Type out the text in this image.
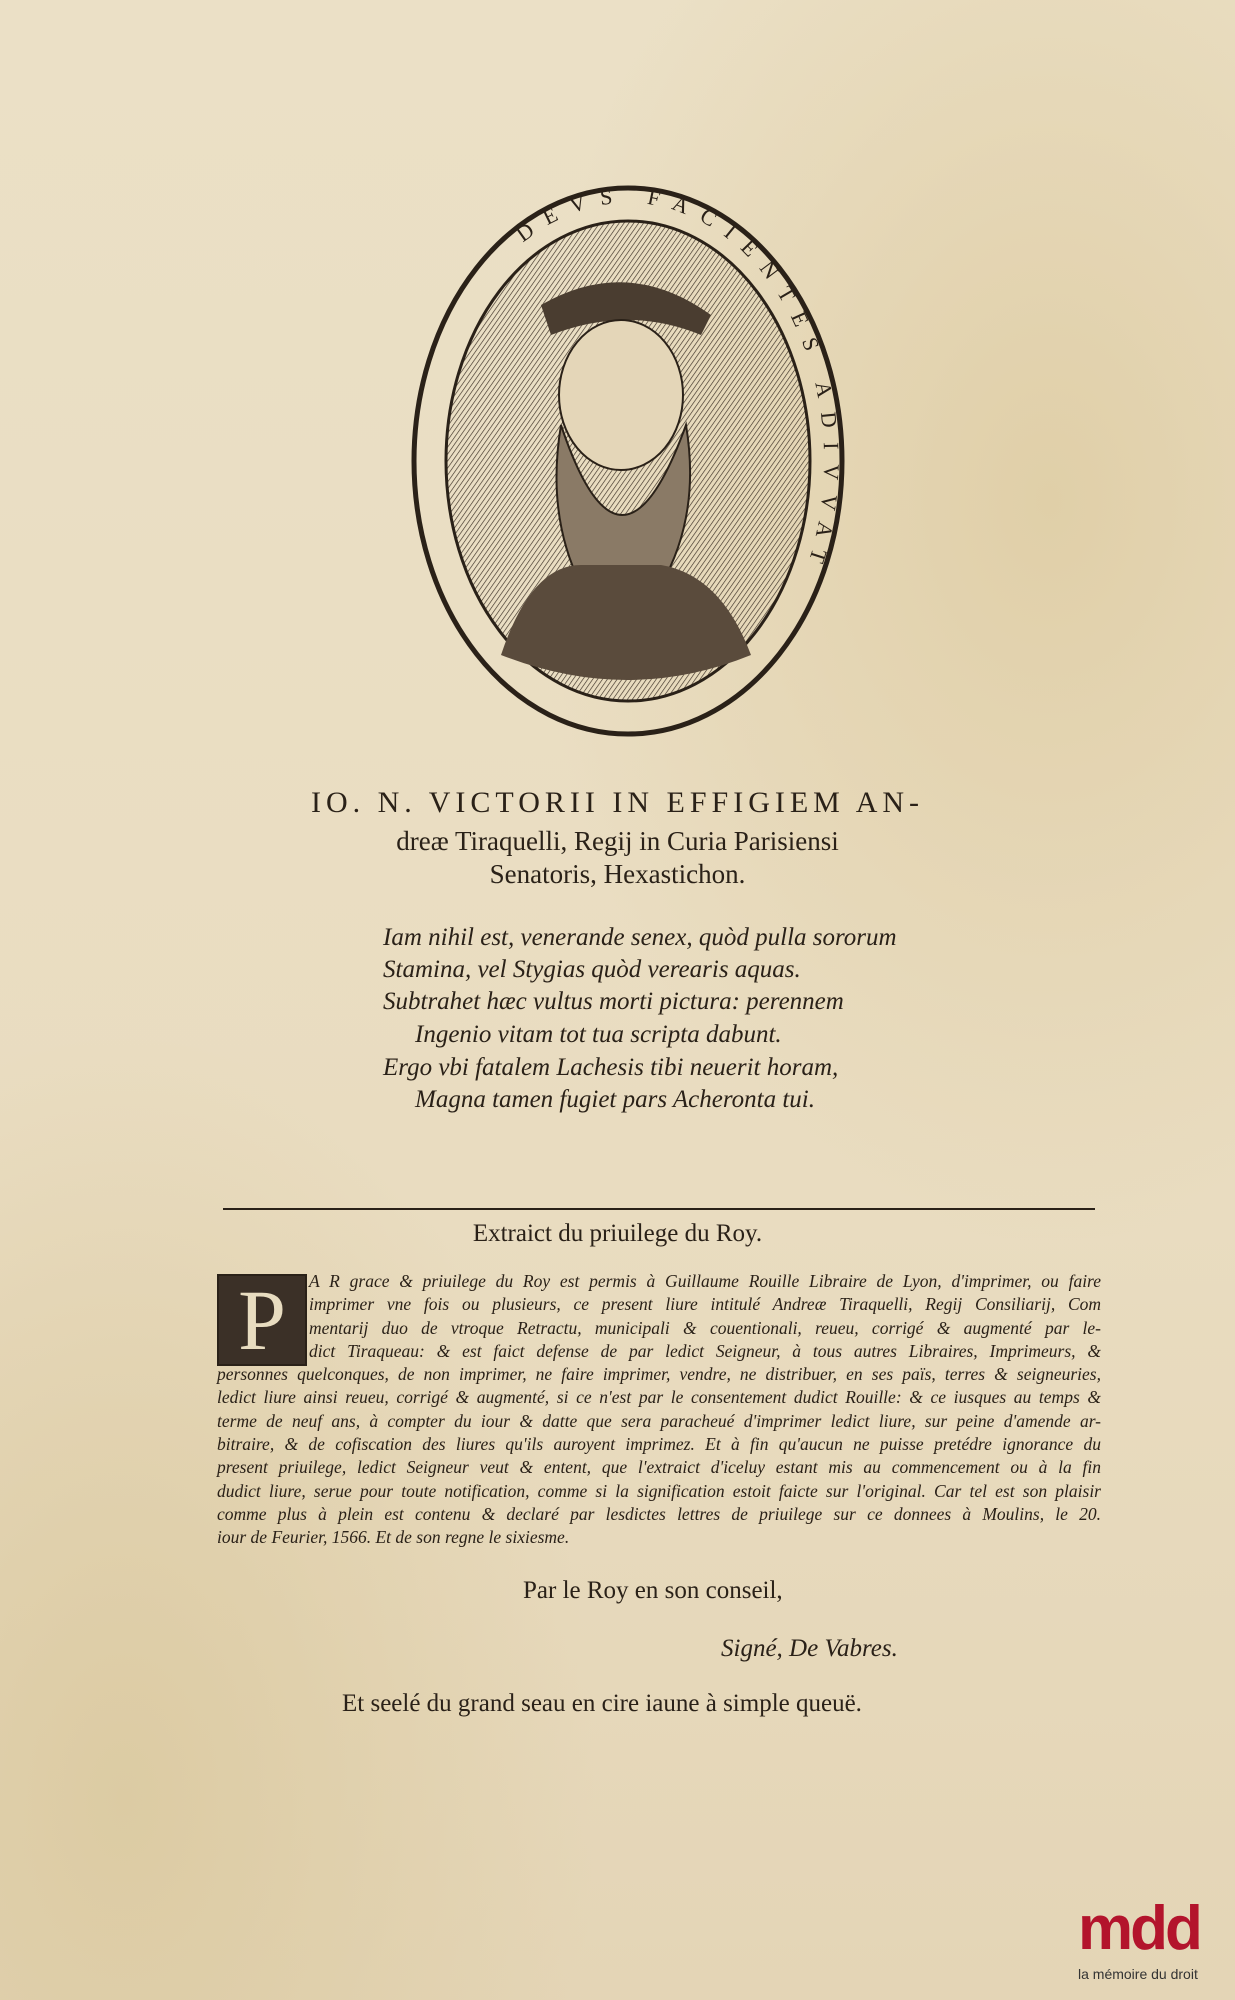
DEVS FACIENTES ADIVVAT
IO. N. VICTORII IN EFFIGIEM AN-
dreæ Tiraquelli, Regij in Curia Parisiensi
Senatoris, Hexastichon.
Iam nihil est, venerande senex, quòd pulla sororum
Stamina, vel Stygias quòd verearis aquas.
Subtrahet hæc vultus morti pictura: perennem
Ingenio vitam tot tua scripta dabunt.
Ergo vbi fatalem Lachesis tibi neuerit horam,
Magna tamen fugiet pars Acheronta tui.
Extraict du priuilege du Roy.
P	A R grace & priuilege du Roy est permis à Guillaume Rouille Libraire de Lyon, d'imprimer, ou faire
imprimer vne fois ou plusieurs, ce present liure intitulé Andreæ Tiraquelli, Regij Consiliarij, Com
mentarij duo de vtroque Retractu, municipali & couentionali, reueu, corrigé & augmenté par le-
dict Tiraqueau: & est faict defense de par ledict Seigneur, à tous autres Libraires, Imprimeurs, &
personnes quelconques, de non imprimer, ne faire imprimer, vendre, ne distribuer, en ses païs, terres & seigneuries,
ledict liure ainsi reueu, corrigé & augmenté, si ce n'est par le consentement dudict Rouille: & ce iusques au temps &
terme de neuf ans, à compter du iour & datte que sera paracheué d'imprimer ledict liure, sur peine d'amende ar-
bitraire, & de cofiscation des liures qu'ils auroyent imprimez. Et à fin qu'aucun ne puisse pretédre ignorance du
present priuilege, ledict Seigneur veut & entent, que l'extraict d'iceluy estant mis au commencement ou à la fin
dudict liure, serue pour toute notification, comme si la signification estoit faicte sur l'original. Car tel est son plaisir
comme plus à plein est contenu & declaré par lesdictes lettres de priuilege sur ce donnees à Moulins, le 20.
iour de Feurier, 1566. Et de son regne le sixiesme.
Par le Roy en son conseil,
Signé, De Vabres.
Et seelé du grand seau en cire iaune à simple queuë.
mdd
la mémoire du droit
